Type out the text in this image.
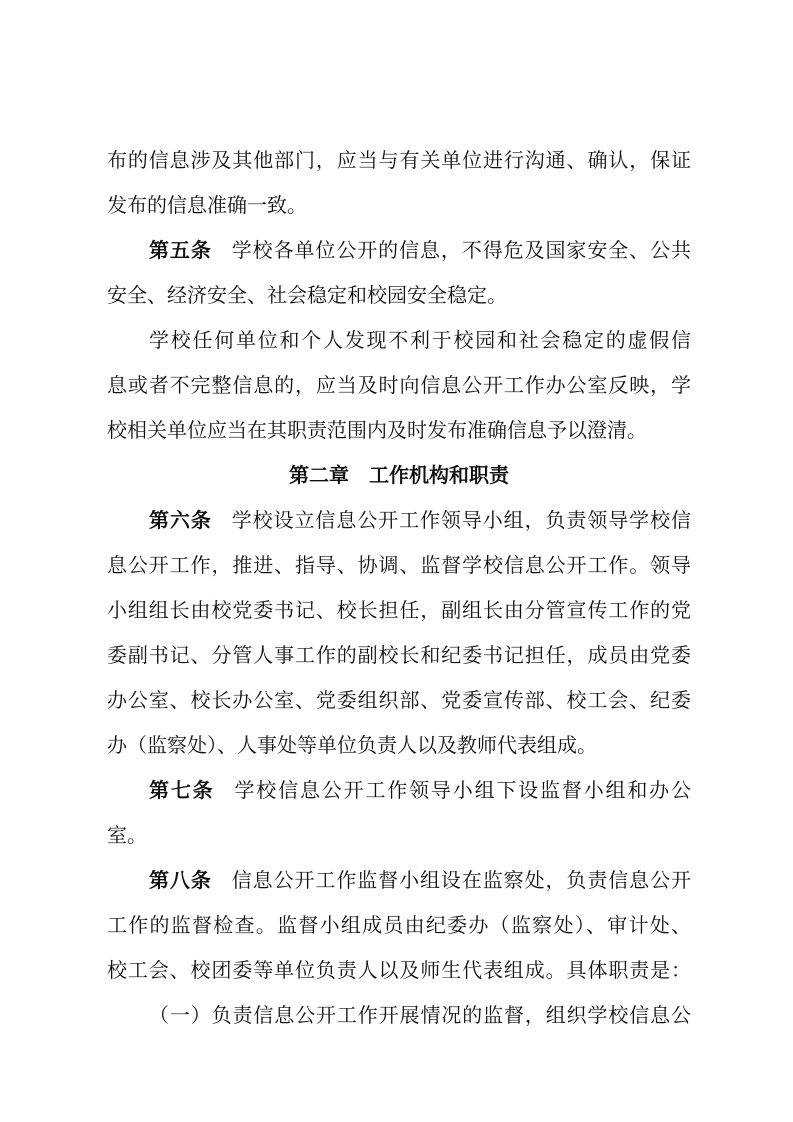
布的信息涉及其他部门，应当与有关单位进行沟通、确认，保证
发布的信息准确一致。
第五条 学校各单位公开的信息，不得危及国家安全、公共
安全、经济安全、社会稳定和校园安全稳定。
学校任何单位和个人发现不利于校园和社会稳定的虚假信
息或者不完整信息的，应当及时向信息公开工作办公室反映，学
校相关单位应当在其职责范围内及时发布准确信息予以澄清。
第二章　工作机构和职责
第六条 学校设立信息公开工作领导小组，负责领导学校信
息公开工作，推进、指导、协调、监督学校信息公开工作。领导
小组组长由校党委书记、校长担任，副组长由分管宣传工作的党
委副书记、分管人事工作的副校长和纪委书记担任，成员由党委
办公室、校长办公室、党委组织部、党委宣传部、校工会、纪委
办（监察处）、人事处等单位负责人以及教师代表组成。
第七条 学校信息公开工作领导小组下设监督小组和办公
室。
第八条 信息公开工作监督小组设在监察处，负责信息公开
工作的监督检查。监督小组成员由纪委办（监察处）、审计处、
校工会、校团委等单位负责人以及师生代表组成。具体职责是：
（一）负责信息公开工作开展情况的监督，组织学校信息公
